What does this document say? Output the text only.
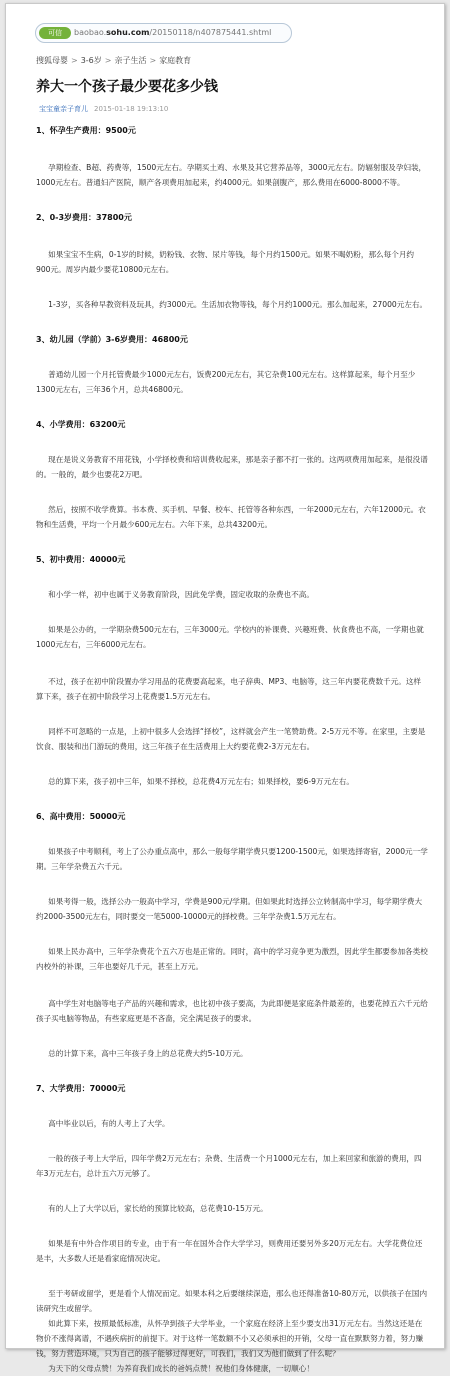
可信 baobao.sohu.com/20150118/n407875441.shtml
搜狐母婴 > 3-6岁 > 亲子生活 > 家庭教育
养大一个孩子最少要花多少钱
宝宝童亲子育儿 2015-01-18 19:13:10
1、怀孕生产费用：9500元

孕期检查、B超、药费等，1500元左右。孕期买土鸡、水果及其它营养品等，3000元左右。防辐射服及孕妇装，1000元左右。普通妇产医院，顺产各项费用加起来，约4000元。如果剖腹产，那么费用在6000-8000不等。

2、0-3岁费用：37800元

如果宝宝不生病，0-1岁的时候，奶粉钱、衣物、尿片等钱，每个月约1500元。如果不喝奶粉，那么每个月约900元。周岁内最少要花10800元左右。

1-3岁，买各种早教资料及玩具，约3000元。生活加衣物等钱，每个月约1000元。那么加起来，27000元左右。

3、幼儿园（学前）3-6岁费用：46800元

普通幼儿园一个月托管费最少1000元左右，饭费200元左右，其它杂费100元左右。这样算起来，每个月至少1300元左右，三年36个月，总共46800元。

4、小学费用：63200元

现在是说义务教育不用花钱，小学择校费和培训费收起来，那是亲子都不打一张的。这两项费用加起来，是很没谱的。一般的，最少也要花2万吧。

然后，按照不收学费算。书本费、买手机、早餐、校车、托管等各种东西，一年2000元左右，六年12000元。衣物和生活费，平均一个月最少600元左右。六年下来，总共43200元。

5、初中费用：40000元

和小学一样，初中也属于义务教育阶段，因此免学费，固定收取的杂费也不高。

如果是公办的，一学期杂费500元左右，三年3000元。学校内的补课费、兴趣班费、伙食费也不高，一学期也就1000元左右，三年6000元左右。

不过，孩子在初中阶段置办学习用品的花费要高起来，电子辞典、MP3、电脑等，这三年内要花费数千元。这样算下来，孩子在初中阶段学习上花费要1.5万元左右。

同样不可忽略的一点是，上初中很多人会选择“择校”，这样就会产生一笔赞助费。2-5万元不等。在家里，主要是饮食、服装和出门游玩的费用，这三年孩子在生活费用上大约要花费2-3万元左右。

总的算下来，孩子初中三年，如果不择校，总花费4万元左右；如果择校，要6-9万元左右。

6、高中费用：50000元

如果孩子中考顺利，考上了公办重点高中，那么一般每学期学费只要1200-1500元，如果选择寄宿，2000元一学期。三年学杂费五六千元。

如果考得一般，选择公办一般高中学习，学费是900元/学期。但如果此时选择公立转制高中学习，每学期学费大约2000-3500元左右，同时要交一笔5000-10000元的择校费。三年学杂费1.5万元左右。

如果上民办高中，三年学杂费花个五六万也是正常的。同时，高中的学习竞争更为激烈，因此学生都要参加各类校内校外的补课，三年也要好几千元，甚至上万元。

高中学生对电脑等电子产品的兴趣和需求，也比初中孩子要高，为此即便是家庭条件最差的，也要花掉五六千元给孩子买电脑等物品，有些家庭更是不吝啬，完全满足孩子的要求。

总的计算下来，高中三年孩子身上的总花费大约5-10万元。

7、大学费用：70000元

高中毕业以后，有的人考上了大学。

一般的孩子考上大学后，四年学费2万元左右；杂费、生活费一个月1000元左右，加上来回家和旅游的费用，四年3万元左右，总计五六万元够了。

有的人上了大学以后，家长给的预算比较高，总花费10-15万元。

如果是有中外合作项目的专业，由于有一年在国外合作大学学习，则费用还要另外多20万元左右。大学花费位还是丰，大多数人还是看家庭情况决定。

至于考研或留学，更是看个人情况而定。如果本科之后要继续深造，那么也还得准备10-80万元，以供孩子在国内读研究生或留学。

如此算下来，按照最低标准，从怀孕到孩子大学毕业，一个家庭在经济上至少要支出31万元左右。当然这还是在物价不涨得离谱，不遇疾病折的前提下。对于这样一笔数额不小又必须承担的开销，父母一直在默默努力着，努力赚钱，努力营造环境，只为自己的孩子能够过得更好，可我们，我们又为他们做到了什么呢？

为天下的父母点赞！为养育我们成长的爸妈点赞！祝他们身体健康，一切顺心！
